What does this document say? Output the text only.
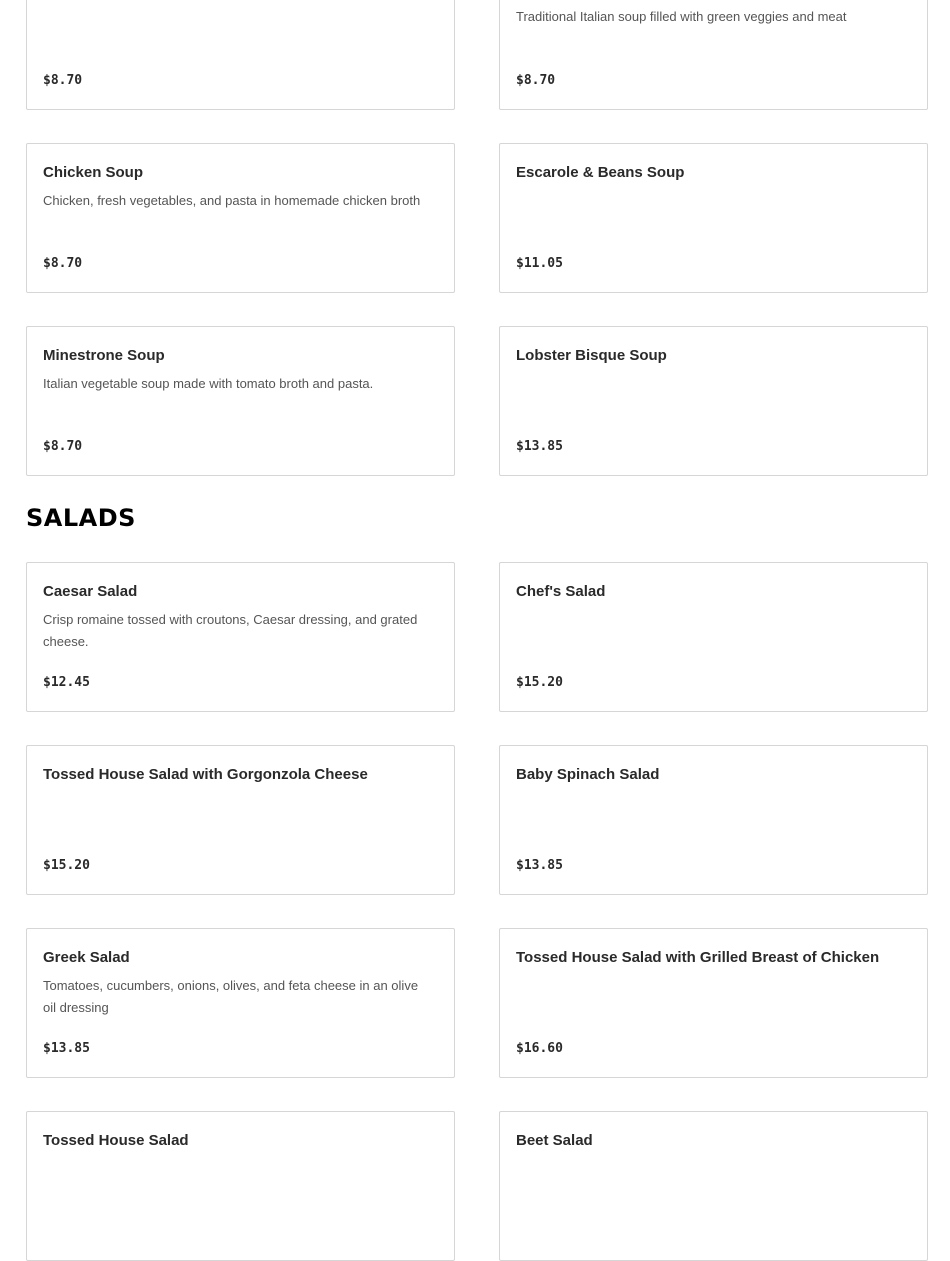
$8.70
Traditional Italian soup filled with green veggies and meat
$8.70
Chicken Soup
Chicken, fresh vegetables, and pasta in homemade chicken broth
$8.70
Escarole & Beans Soup
$11.05
Minestrone Soup
Italian vegetable soup made with tomato broth and pasta.
$8.70
Lobster Bisque Soup
$13.85
SALADS
Caesar Salad
Crisp romaine tossed with croutons, Caesar dressing, and grated cheese.
$12.45
Chef's Salad
$15.20
Tossed House Salad with Gorgonzola Cheese
$15.20
Baby Spinach Salad
$13.85
Greek Salad
Tomatoes, cucumbers, onions, olives, and feta cheese in an olive oil dressing
$13.85
Tossed House Salad with Grilled Breast of Chicken
$16.60
Tossed House Salad	Beet Salad
